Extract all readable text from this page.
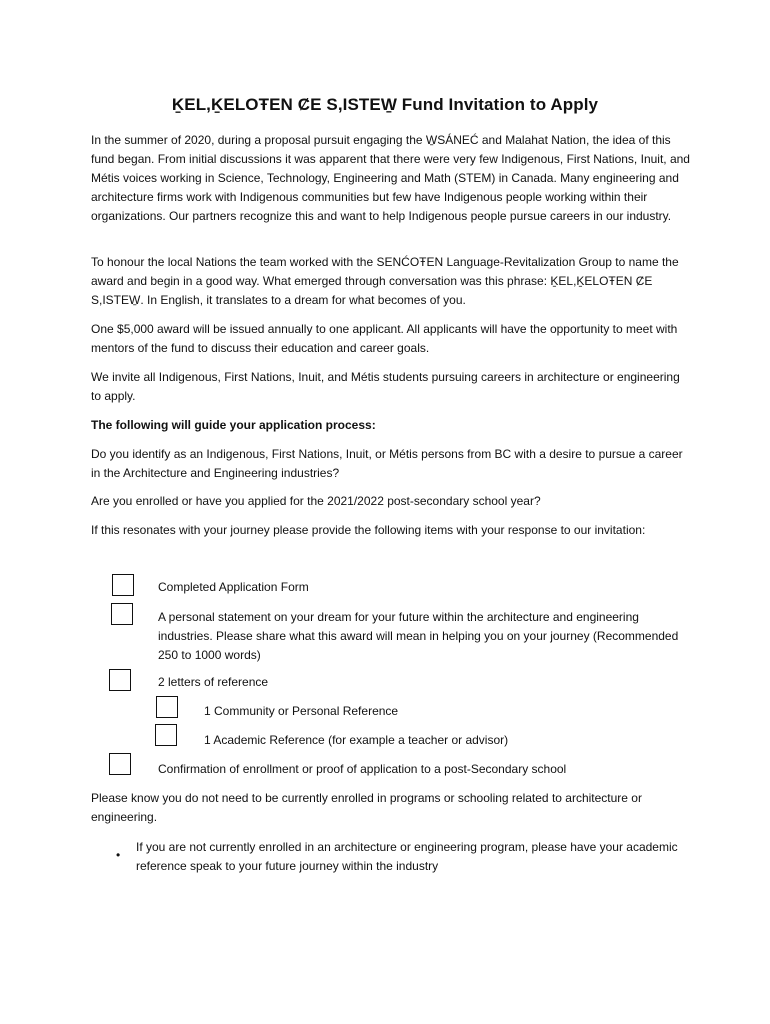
ḴEL,ḴELOŦEN ȻE S,ISTEW̱ Fund Invitation to Apply

In the summer of 2020, during a proposal pursuit engaging the W̱SÁNEĆ and Malahat Nation, the idea of this fund began. From initial discussions it was apparent that there were very few Indigenous, First Nations, Inuit, and Métis voices working in Science, Technology, Engineering and Math (STEM) in Canada. Many engineering and architecture firms work with Indigenous communities but few have Indigenous people working within their organizations. Our partners recognize this and want to help Indigenous people pursue careers in our industry.

To honour the local Nations the team worked with the SENĆOŦEN Language-Revitalization Group to name the award and begin in a good way. What emerged through conversation was this phrase: ḴEL,ḴELOŦEN ȻE S,ISTEW̱. In English, it translates to a dream for what becomes of you.

One $5,000 award will be issued annually to one applicant. All applicants will have the opportunity to meet with mentors of the fund to discuss their education and career goals.

We invite all Indigenous, First Nations, Inuit, and Métis students pursuing careers in architecture or engineering to apply.

The following will guide your application process:

Do you identify as an Indigenous, First Nations, Inuit, or Métis persons from BC with a desire to pursue a career in the Architecture and Engineering industries?

Are you enrolled or have you applied for the 2021/2022 post-secondary school year?

If this resonates with your journey please provide the following items with your response to our invitation:

Completed Application Form

A personal statement on your dream for your future within the architecture and engineering industries. Please share what this award will mean in helping you on your journey (Recommended 250 to 1000 words)

2 letters of reference

1 Community or Personal Reference

1 Academic Reference (for example a teacher or advisor)

Confirmation of enrollment or proof of application to a post-Secondary school

Please know you do not need to be currently enrolled in programs or schooling related to architecture or engineering.

•

If you are not currently enrolled in an architecture or engineering program, please have your academic reference speak to your future journey within the industry
